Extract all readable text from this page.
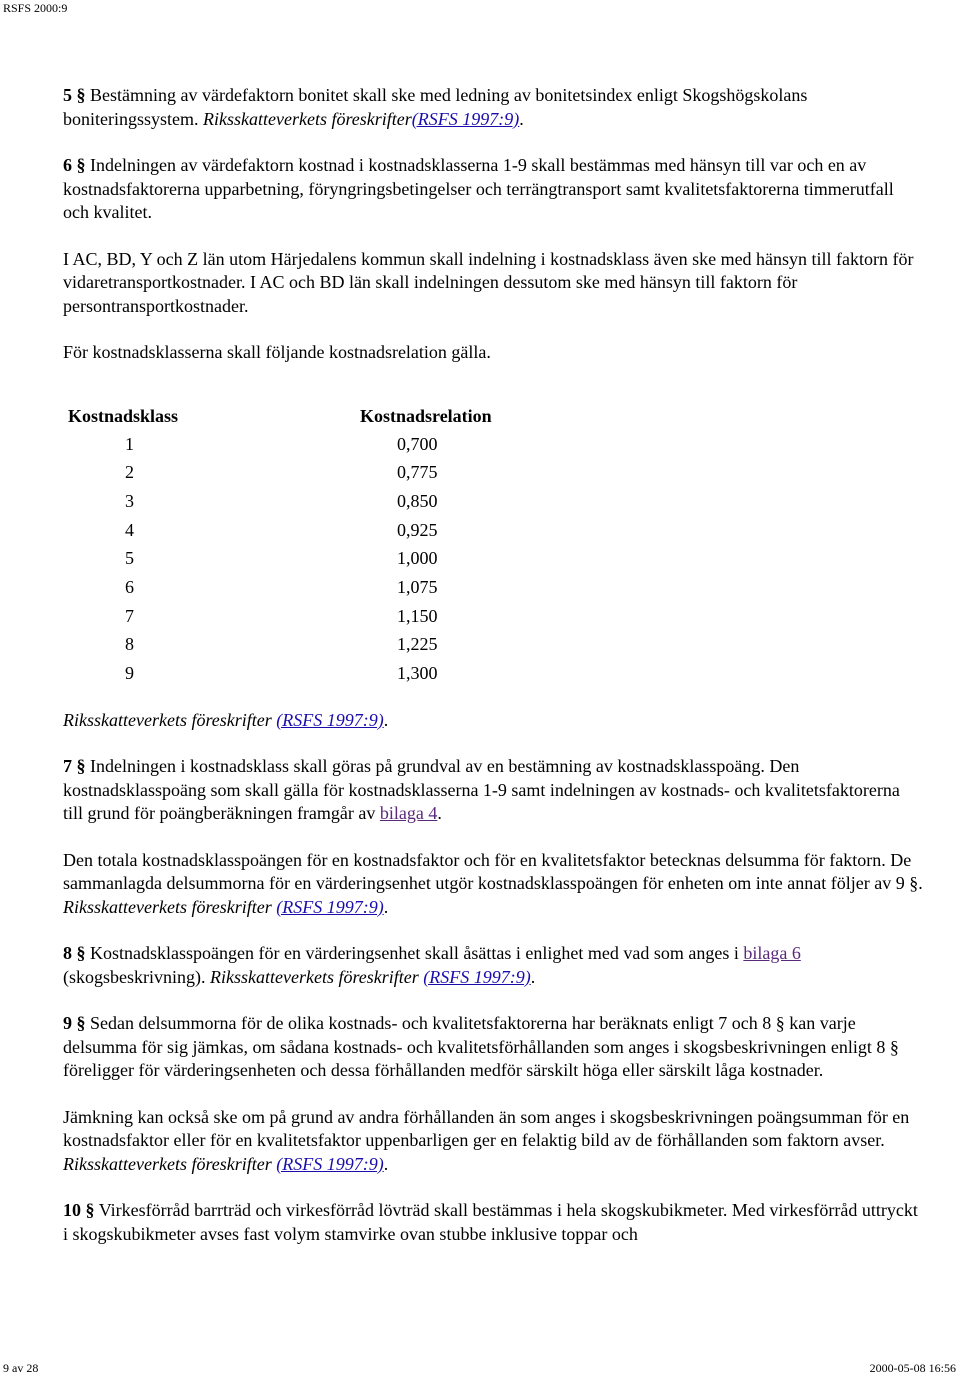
RSFS 2000:9

5 § Bestämning av värdefaktorn bonitet skall ske med ledning av bonitetsindex enligt Skogshögskolans boniteringssystem. Riksskatteverkets föreskrifter(RSFS 1997:9).

6 § Indelningen av värdefaktorn kostnad i kostnadsklasserna 1-9 skall bestämmas med hänsyn till var och en av kostnadsfaktorerna upparbetning, föryngringsbetingelser och terrängtransport samt kvalitetsfaktorerna timmerutfall och kvalitet.

I AC, BD, Y och Z län utom Härjedalens kommun skall indelning i kostnadsklass även ske med hänsyn till faktorn för vidaretransportkostnader. I AC och BD län skall indelningen dessutom ske med hänsyn till faktorn för persontransportkostnader.

För kostnadsklasserna skall följande kostnadsrelation gälla.

Kostnadsklass	Kostnadsrelation
1	0,700
2	0,775
3	0,850
4	0,925
5	1,000
6	1,075
7	1,150
8	1,225
9	1,300

Riksskatteverkets föreskrifter (RSFS 1997:9).

7 § Indelningen i kostnadsklass skall göras på grundval av en bestämning av kostnadsklasspoäng. Den kostnadsklasspoäng som skall gälla för kostnadsklasserna 1-9 samt indelningen av kostnads- och kvalitetsfaktorerna till grund för poängberäkningen framgår av bilaga 4.

Den totala kostnadsklasspoängen för en kostnadsfaktor och för en kvalitetsfaktor betecknas delsumma för faktorn. De sammanlagda delsummorna för en värderingsenhet utgör kostnadsklasspoängen för enheten om inte annat följer av 9 §. Riksskatteverkets föreskrifter (RSFS 1997:9).

8 § Kostnadsklasspoängen för en värderingsenhet skall åsättas i enlighet med vad som anges i bilaga 6 (skogsbeskrivning). Riksskatteverkets föreskrifter (RSFS 1997:9).

9 § Sedan delsummorna för de olika kostnads- och kvalitetsfaktorerna har beräknats enligt 7 och 8 § kan varje delsumma för sig jämkas, om sådana kostnads- och kvalitetsförhållanden som anges i skogsbeskrivningen enligt 8 § föreligger för värderingsenheten och dessa förhållanden medför särskilt höga eller särskilt låga kostnader.

Jämkning kan också ske om på grund av andra förhållanden än som anges i skogsbeskrivningen poängsumman för en kostnadsfaktor eller för en kvalitetsfaktor uppenbarligen ger en felaktig bild av de förhållanden som faktorn avser. Riksskatteverkets föreskrifter (RSFS 1997:9).

10 § Virkesförråd barrträd och virkesförråd lövträd skall bestämmas i hela skogskubikmeter. Med virkesförråd uttryckt i skogskubikmeter avses fast volym stamvirke ovan stubbe inklusive toppar och

9 av 28	2000-05-08 16:56
